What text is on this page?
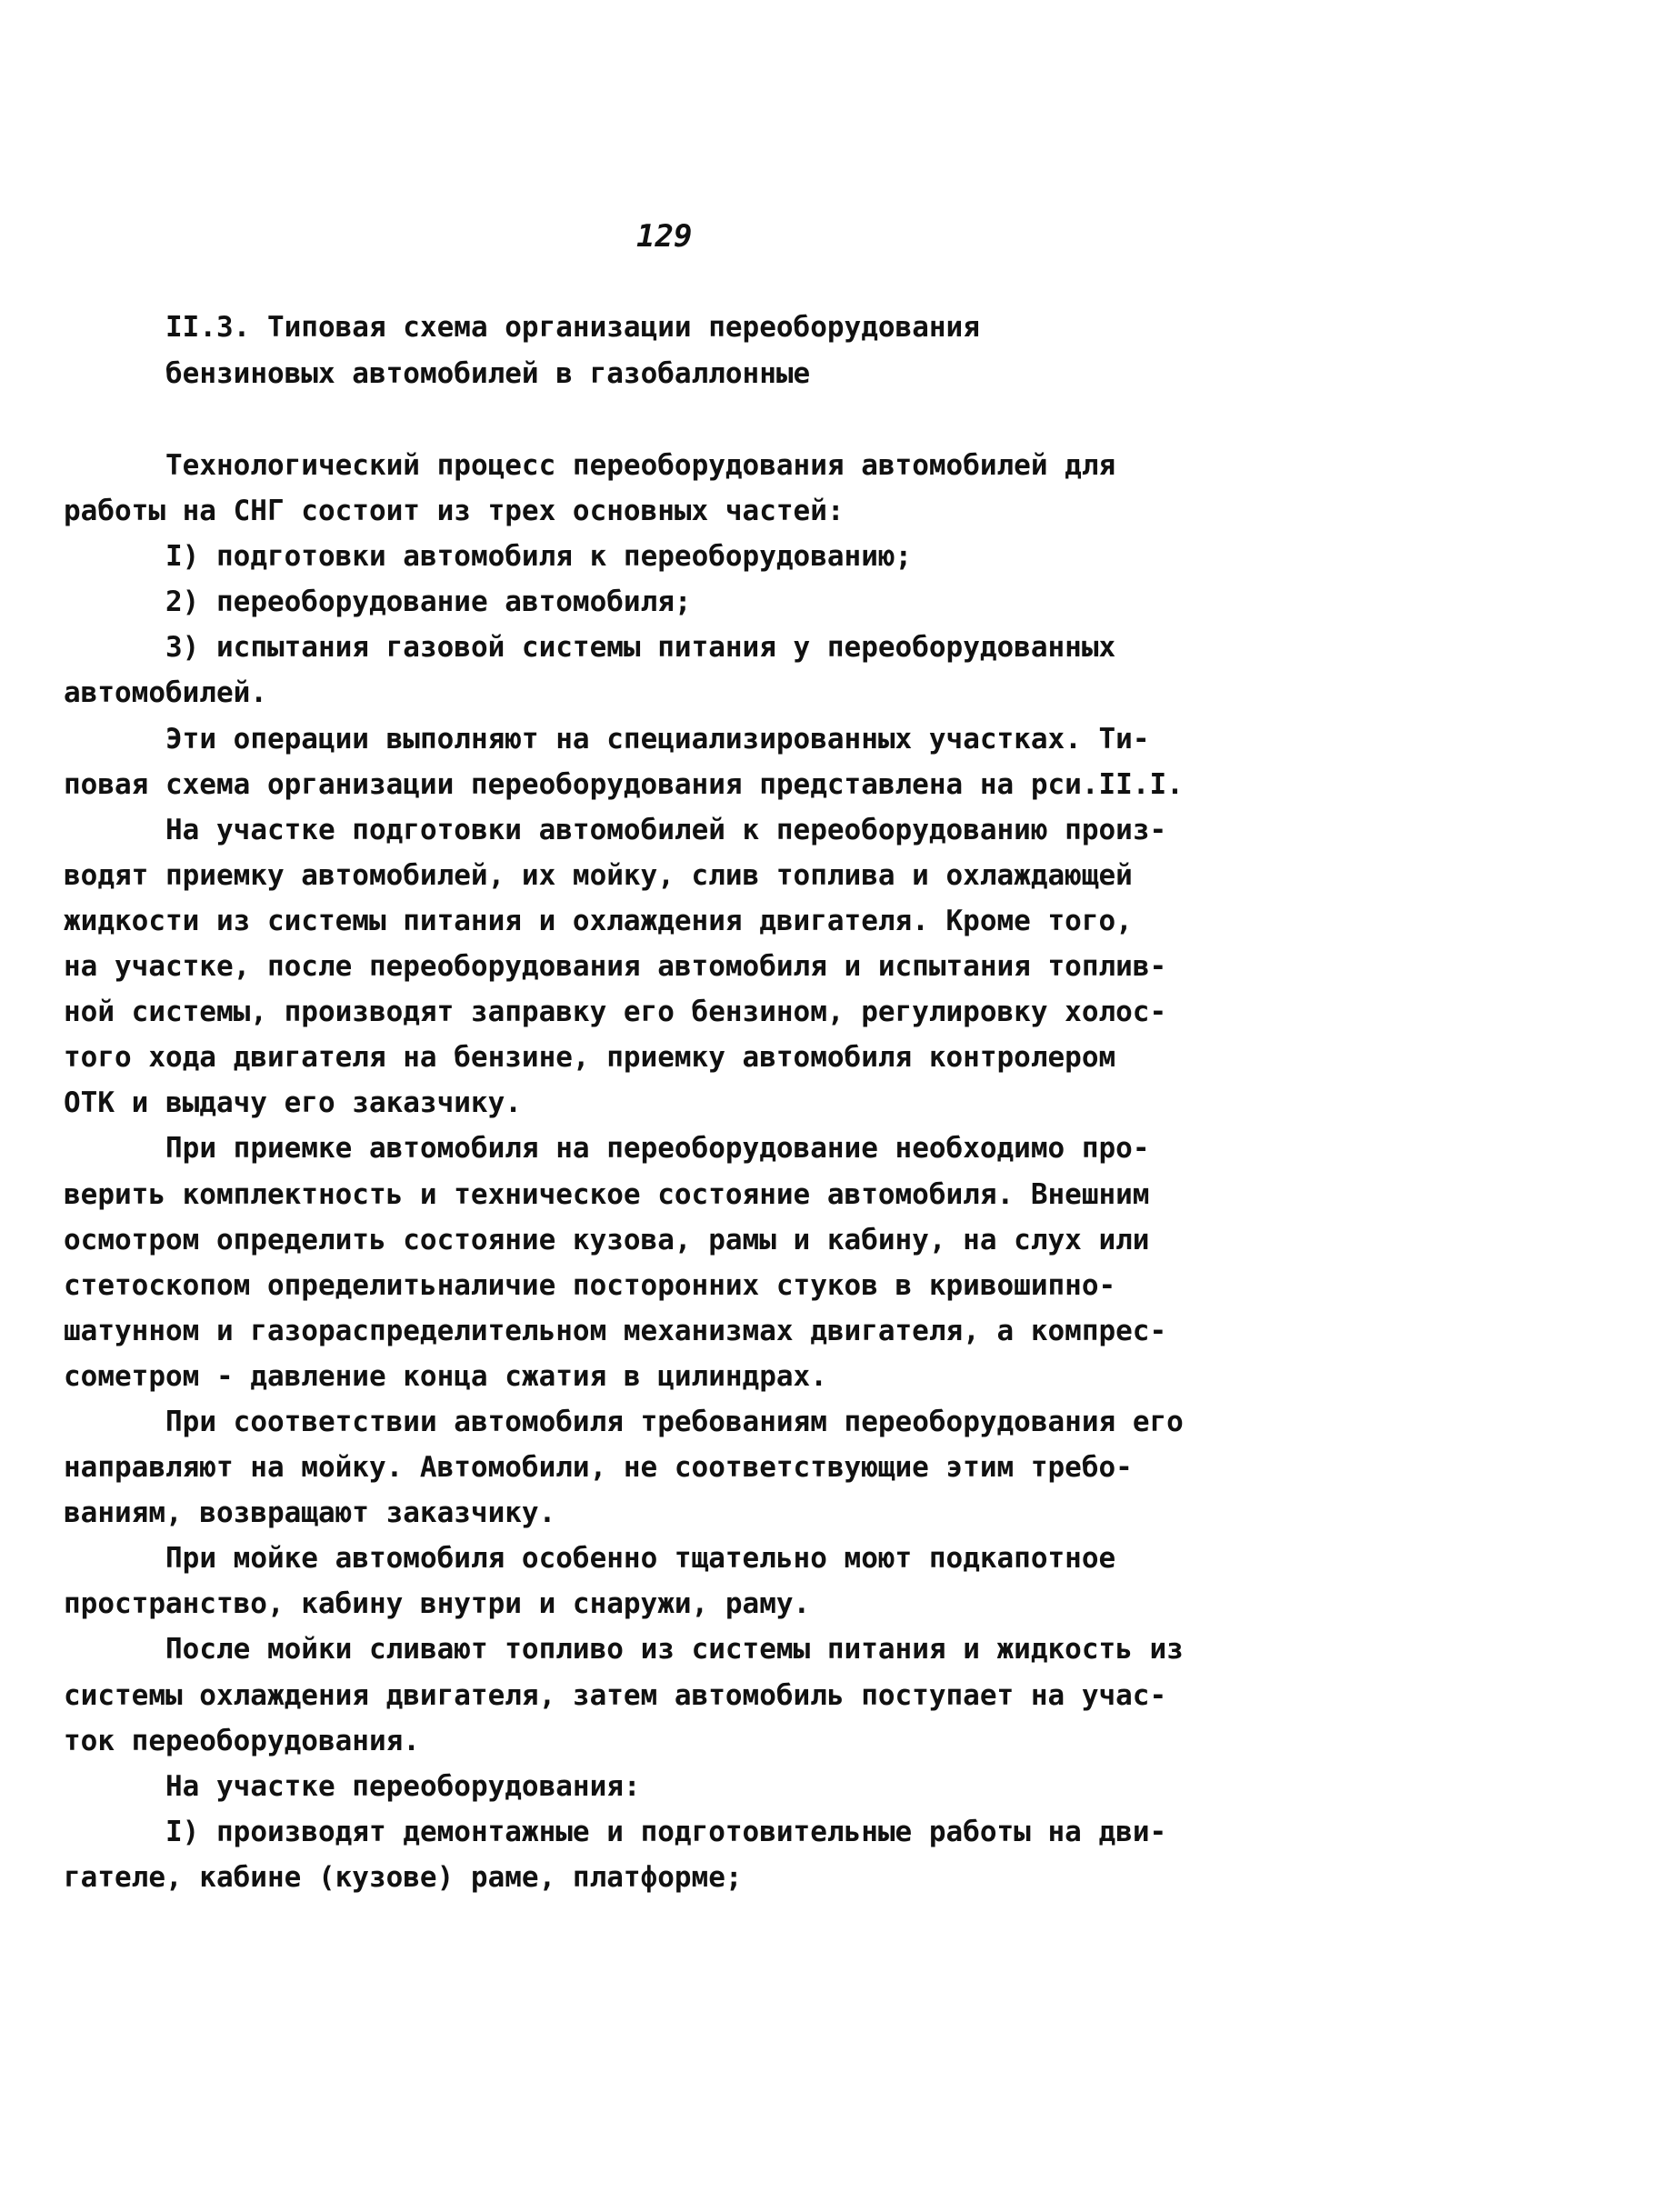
129
II.3. Типовая схема организации переоборудования
бензиновых автомобилей в газобаллонные
Технологический процесс переоборудования автомобилей для
работы на СНГ состоит из трех основных частей:
I) подготовки автомобиля к переоборудованию;
2) переоборудование автомобиля;
3) испытания газовой системы питания у переоборудованных
автомобилей.
Эти операции выполняют на специализированных участках. Ти-
повая схема организации переоборудования представлена на рси.II.I.
На участке подготовки автомобилей к переоборудованию произ-
водят приемку автомобилей, их мойку, слив топлива и охлаждающей
жидкости из системы питания и охлаждения двигателя. Кроме того,
на участке, после переоборудования автомобиля и испытания топлив-
ной системы, производят заправку его бензином, регулировку холос-
того хода двигателя на бензине, приемку автомобиля контролером
ОТК и выдачу его заказчику.
При приемке автомобиля на переоборудование необходимо про-
верить комплектность и техническое состояние автомобиля. Внешним
осмотром определить состояние кузова, рамы и кабину, на слух или
стетоскопом определитьналичие посторонних стуков в кривошипно-
шатунном и газораспределительном механизмах двигателя, а компрес-
сометром - давление конца сжатия в цилиндрах.
При соответствии автомобиля требованиям переоборудования его
направляют на мойку. Автомобили, не соответствующие этим требо-
ваниям, возвращают заказчику.
При мойке автомобиля особенно тщательно моют подкапотное
пространство, кабину внутри и снаружи, раму.
После мойки сливают топливо из системы питания и жидкость из
системы охлаждения двигателя, затем автомобиль поступает на учас-
ток переоборудования.
На участке переоборудования:
I) производят демонтажные и подготовительные работы на дви-
гателе, кабине (кузове) раме, платформе;
